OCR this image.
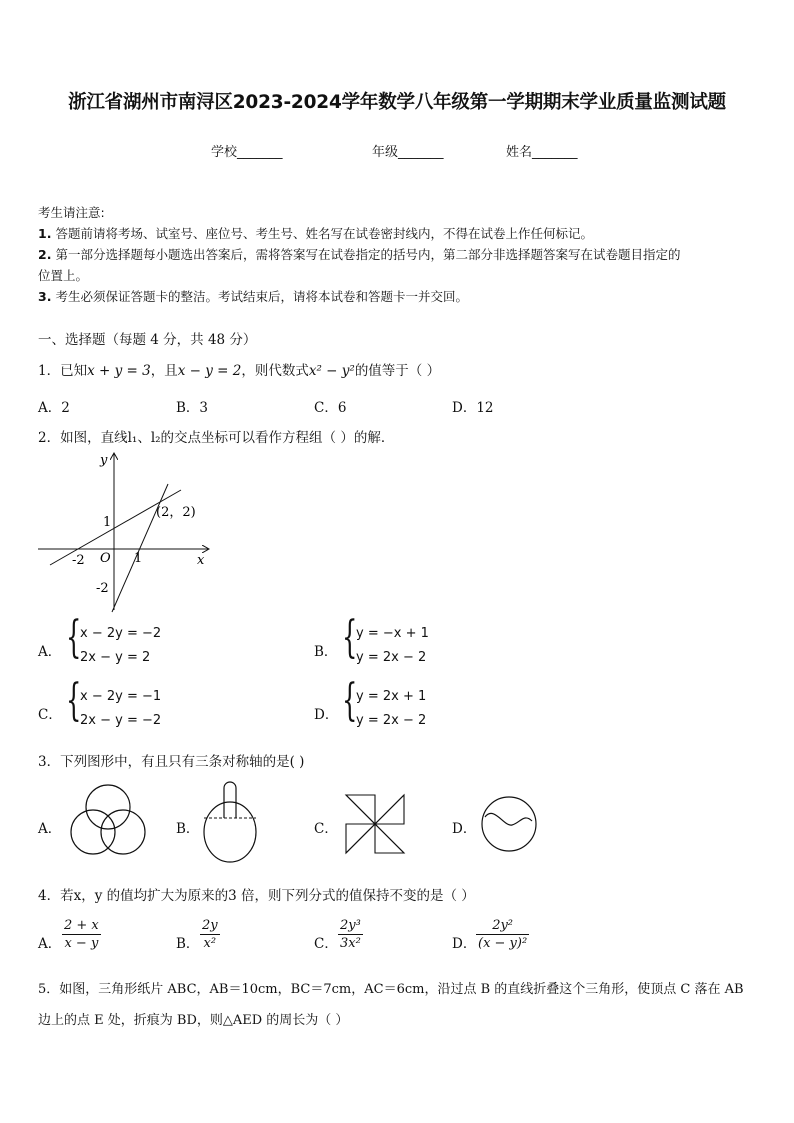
浙江省湖州市南浔区2023-2024学年数学八年级第一学期期末学业质量监测试题
学校_______	年级_______	姓名_______
考生请注意:
1. 答题前请将考场、试室号、座位号、考生号、姓名写在试卷密封线内，不得在试卷上作任何标记。
2. 第一部分选择题每小题选出答案后，需将答案写在试卷指定的括号内，第二部分非选择题答案写在试卷题目指定的
位置上。
3. 考生必须保证答题卡的整洁。考试结束后，请将本试卷和答题卡一并交回。
一、选择题（每题 4 分，共 48 分）
1．已知x + y = 3，且x − y = 2，则代数式x² − y²的值等于（ ）
A．2	B．3	C．6	D．12
2．如图，直线l₁、l₂的交点坐标可以看作方程组（ ）的解．
y
x
O
1
1
-2
-2
(2，2)
A． {
x − 2y = −2
2x − y = 2	B． {
y = −x + 1
y = 2x − 2
C． {
x − 2y = −1
2x − y = −2	D． {
y = 2x + 1
y = 2x − 2
3．下列图形中，有且只有三条对称轴的是( )
A．	B．	C．	D．
4．若x，y 的值均扩大为原来的3 倍，则下列分式的值保持不变的是（ ）
A． $\frac{2 + x}{x - y}$	B． $\frac{2y}{\text{x²}}$	C． $\frac{\text{2y³}}{\text{3x²}}$	D． $\frac{\text{2y²}}{\text{(x − y)²}}$
5．如图，三角形纸片 ABC，AB＝10cm，BC＝7cm，AC＝6cm，沿过点 B 的直线折叠这个三角形，使顶点 C 落在 AB
边上的点 E 处，折痕为 BD，则△AED 的周长为（ ）
